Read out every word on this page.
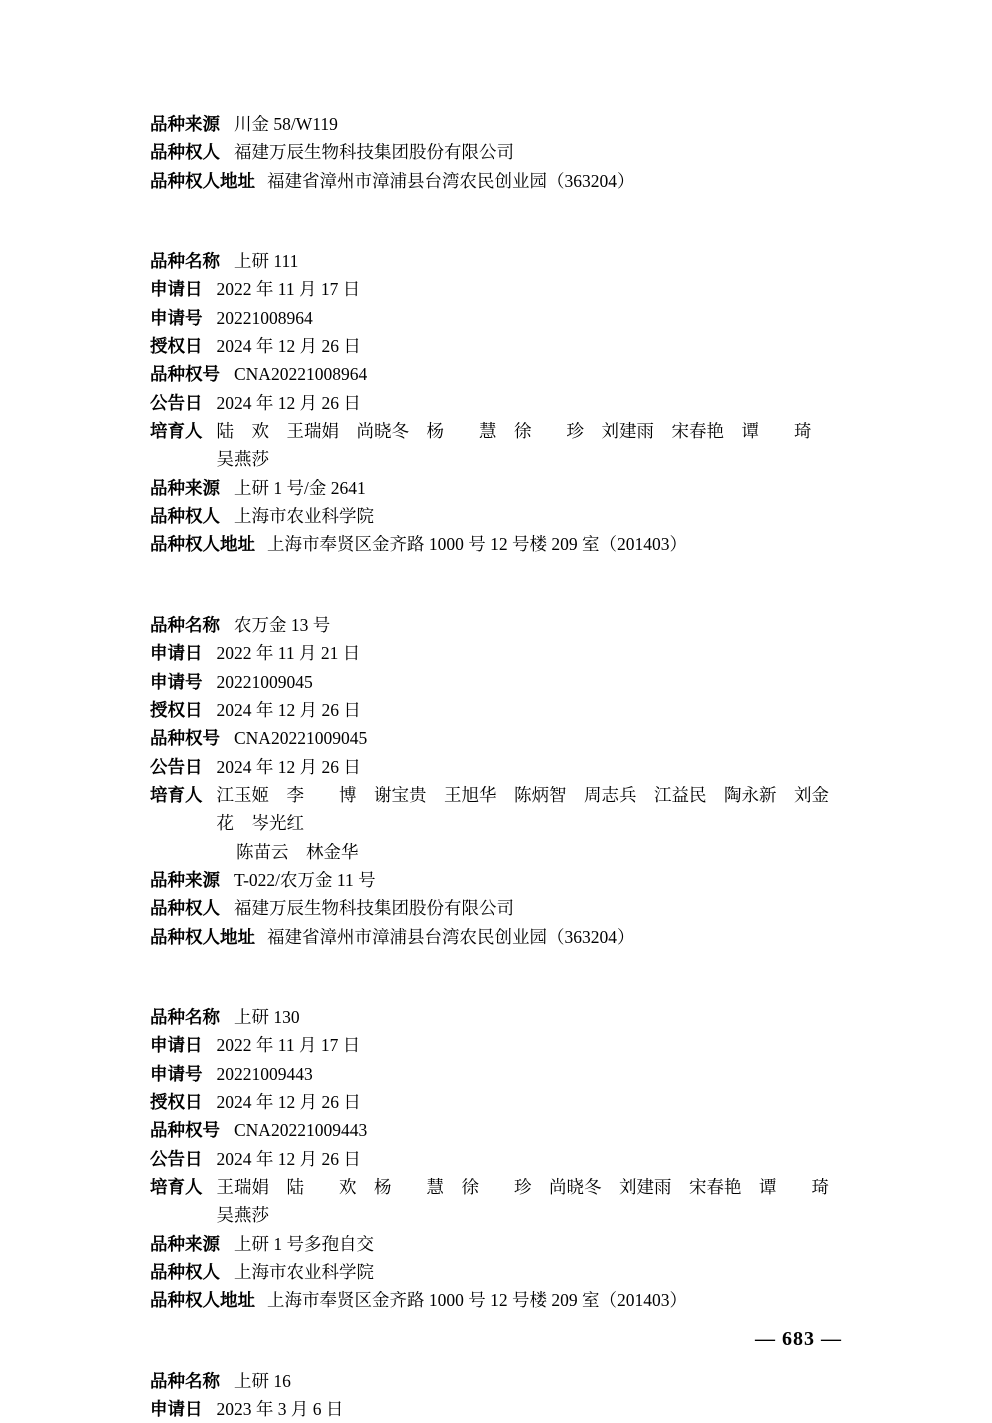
品种来源 川金 58/W119
品种权人 福建万辰生物科技集团股份有限公司
品种权人地址 福建省漳州市漳浦县台湾农民创业园（363204）
品种名称 上研 111
申请日 2022 年 11 月 17 日
申请号 20221008964
授权日 2024 年 12 月 26 日
品种权号 CNA20221008964
公告日 2024 年 12 月 26 日
培育人 陆　欢　王瑞娟　尚晓冬　杨　　慧　徐　　珍　刘建雨　宋春艳　谭　　琦　吴燕莎
品种来源 上研 1 号/金 2641
品种权人 上海市农业科学院
品种权人地址 上海市奉贤区金齐路 1000 号 12 号楼 209 室（201403）
品种名称 农万金 13 号
申请日 2022 年 11 月 21 日
申请号 20221009045
授权日 2024 年 12 月 26 日
品种权号 CNA20221009045
公告日 2024 年 12 月 26 日
培育人 江玉姬　李　　博　谢宝贵　王旭华　陈炳智　周志兵　江益民　陶永新　刘金花　岑光红
陈苗云　林金华
品种来源 T-022/农万金 11 号
品种权人 福建万辰生物科技集团股份有限公司
品种权人地址 福建省漳州市漳浦县台湾农民创业园（363204）
品种名称 上研 130
申请日 2022 年 11 月 17 日
申请号 20221009443
授权日 2024 年 12 月 26 日
品种权号 CNA20221009443
公告日 2024 年 12 月 26 日
培育人 王瑞娟　陆　　欢　杨　　慧　徐　　珍　尚晓冬　刘建雨　宋春艳　谭　　琦　吴燕莎
品种来源 上研 1 号多孢自交
品种权人 上海市农业科学院
品种权人地址 上海市奉贤区金齐路 1000 号 12 号楼 209 室（201403）
品种名称 上研 16
申请日 2023 年 3 月 6 日
— 683 —
